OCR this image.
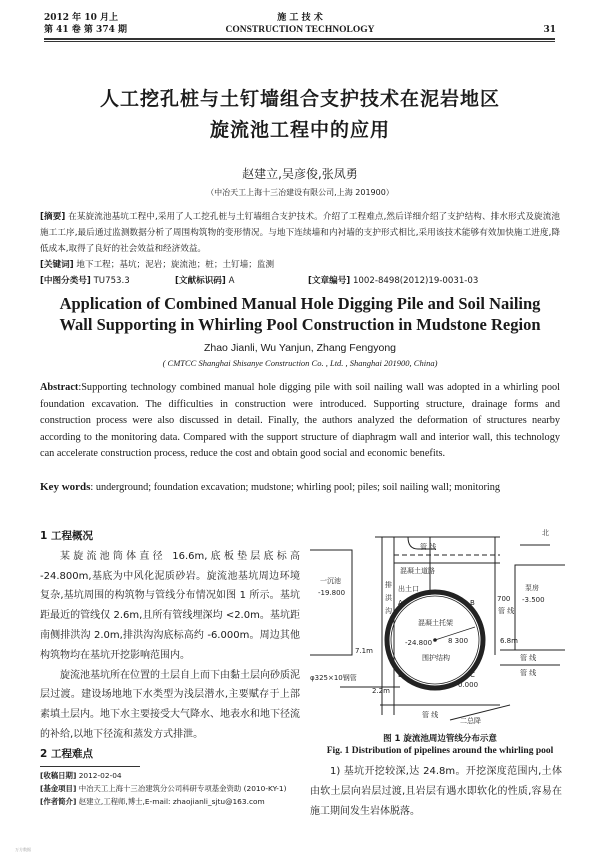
2012 年 10 月上
第 41 卷 第 374 期
施 工 技 术
CONSTRUCTION TECHNOLOGY	31
人工挖孔桩与土钉墙组合支护技术在泥岩地区
旋流池工程中的应用
赵建立,吴彦俊,张凤勇
（中冶天工上海十三冶建设有限公司,上海 201900）
[摘要] 在某旋流池基坑工程中,采用了人工挖孔桩与土钉墙组合支护技术。介绍了工程难点,然后详细介绍了支护结构、排水形式及旋流池施工工序,最后通过监测数据分析了周围构筑物的变形情况。与地下连续墙和内衬墙的支护形式相比,采用该技术能够有效加快施工进度,降低成本,取得了良好的社会效益和经济效益。
[关键词] 地下工程；基坑；泥岩；旋流池；桩；土钉墙；监测
[中图分类号] TU753.3	[文献标识码] A	[文章编号] 1002-8498(2012)19-0031-03
Application of Combined Manual Hole Digging Pile and Soil Nailing
Wall Supporting in Whirling Pool Construction in Mudstone Region
Zhao Jianli, Wu Yanjun, Zhang Fengyong
( CMTCC Shanghai Shisanye Construction Co. , Ltd. , Shanghai 201900, China)
Abstract:Supporting technology combined manual hole digging pile with soil nailing wall was adopted in a whirling pool foundation excavation. The difficulties in construction were introduced. Supporting structure, drainage forms and construction process were also discussed in detail. Finally, the authors analyzed the deformation of structures nearby according to the monitoring data. Compared with the support structure of diaphragm wall and interior wall, this technology can accelerate construction process, reduce the cost and obtain good social and economic benefits.
Key words: underground; foundation excavation; mudstone; whirling pool; piles; soil nailing wall; monitoring
1 工程概况
某旋流池筒体直径 16.6m,底板垫层底标高 -24.800m,基底为中风化泥质砂岩。旋流池基坑周边环境复杂,基坑周围的构筑物与管线分布情况如图 1 所示。基坑距最近的管线仅 2.6m,且所有管线埋深均 <2.0m。基坑距南侧排洪沟 2.0m,排洪沟沟底标高约 -6.000m。周边其他构筑物均在基坑开挖影响范围内。
旋流池基坑所在位置的土层自上而下由黏土层向砂质泥层过渡。建设场地地下水类型为浅层潜水,主要赋存于上部素填土层内。地下水主要接受大气降水、地表水和地下径流的补给,以地下径流和蒸发方式排泄。
2 工程难点
[收稿日期] 2012-02-04
[基金项目] 中冶天工上海十三冶建筑分公司科研专项基金资助 (2010-KY-1)
[作者简介] 赵建立,工程师,博士,E-mail: zhaojianli_sjtu@163.com
北
管 线
混凝土道路
一沉池
-19.800
泵房
-3.500
排
洪
沟
出土口
混凝土托架
-24.800 8 300
围护结构
φ325×10钢管
7.1m
6.8m
700
管 线
管 线
管 线
管 线
2.2m
0.000
A	B
C
D
二总降
图 1 旋流池周边管线分布示意
Fig. 1 Distribution of pipelines around the whirling pool
1) 基坑开挖较深,达 24.8m。开挖深度范围内,土体由软土层向岩层过渡,且岩层有遇水即软化的性质,容易在施工期间发生岩体脱落。
万方数据
